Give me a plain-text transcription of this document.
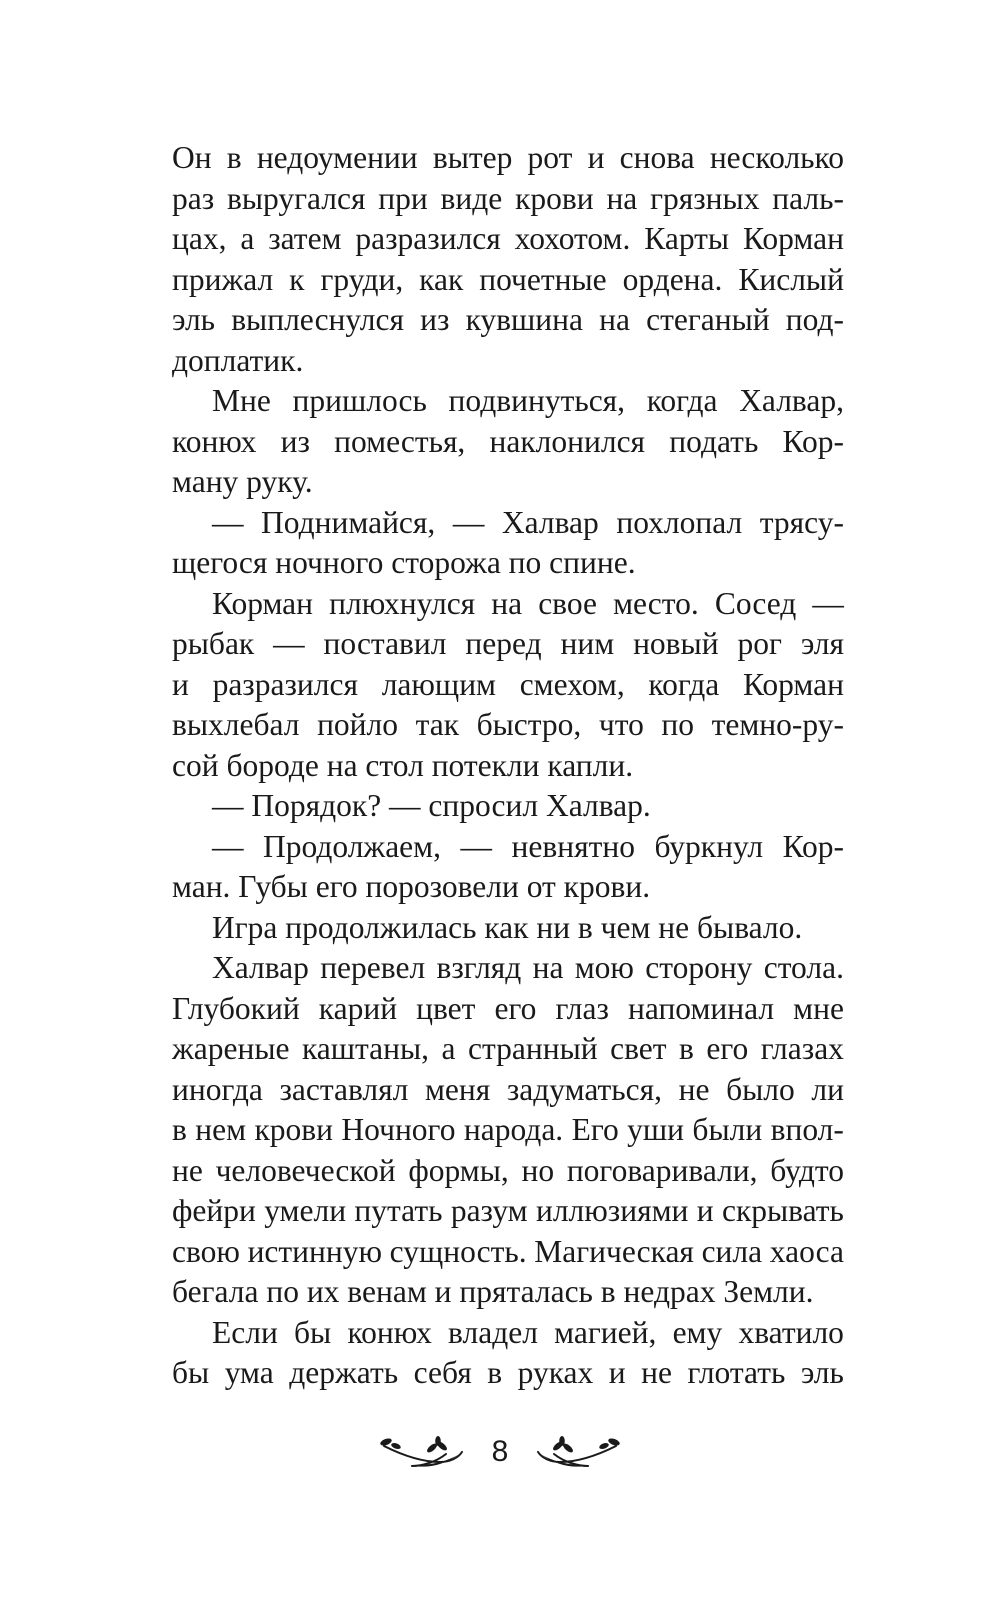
Он в недоумении вытер рот и снова несколько
раз выругался при виде крови на грязных паль-
цах, а затем разразился хохотом. Карты Корман
прижал к груди, как почетные ордена. Кислый
эль выплеснулся из кувшина на стеганый под-
доплатик.
Мне пришлось подвинуться, когда Халвар,
конюх из поместья, наклонился подать Кор-
ману руку.
— Поднимайся, — Халвар похлопал трясу-
щегося ночного сторожа по спине.
Корман плюхнулся на свое место. Сосед —
рыбак — поставил перед ним новый рог эля
и разразился лающим смехом, когда Корман
выхлебал пойло так быстро, что по темно-ру-
сой бороде на стол потекли капли.
— Порядок? — спросил Халвар.
— Продолжаем, — невнятно буркнул Кор-
ман. Губы его порозовели от крови.
Игра продолжилась как ни в чем не бывало.
Халвар перевел взгляд на мою сторону стола.
Глубокий карий цвет его глаз напоминал мне
жареные каштаны, а странный свет в его глазах
иногда заставлял меня задуматься, не было ли
в нем крови Ночного народа. Его уши были впол-
не человеческой формы, но поговаривали, будто
фейри умели путать разум иллюзиями и скрывать
свою истинную сущность. Магическая сила хаоса
бегала по их венам и пряталась в недрах Земли.
Если бы конюх владел магией, ему хватило
бы ума держать себя в руках и не глотать эль
8
